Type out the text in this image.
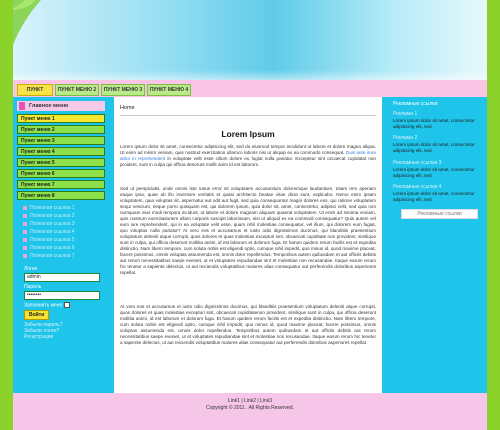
ПУНКТ	ПУНКТ МЕНЮ 2	ПУНКТ МЕНЮ 3	ПУНКТ МЕНЮ 4
Главное меню
Пункт меню 1
Пункт меню 2
Пункт меню 3
Пункт меню 4
Пункт меню 5
Пункт меню 6
Пункт меню 7
Пункт меню 8
Полезная ссылка 1
Полезная ссылка 2
Полезная ссылка 3
Полезная ссылка 4
Полезная ссылка 5
Полезная ссылка 6
Полезная ссылка 7
Логин
admin
Пароль
••••••••
Запомнить меня
Войти
Забыли пароль?
Забыли логин?
Регистрация
Home
Lorem Ipsum
Lorem ipsum dolor sit amet, consectetur adipisicing elit, sed do eiusmod tempor incididunt ut labore et dolore magna aliqua. Ut enim ad minim veniam, quis nostrud exercitation ullamco laboris nisi ut aliquip ex ea commodo consequat. Duis aute irure dolor in reprehenderit in voluptate velit esse cillum dolore eu fugiat nulla pariatur. Excepteur sint occaecat cupidatat non proident, sunt in culpa qui officia deserunt mollit anim id est laborum.
Sed ut perspiciatis, unde omnis iste natus error sit voluptatem accusantium doloremque laudantium, totam rem aperiam eaque ipsa, quae ab illo inventore veritatis et quasi architecto beatae vitae dicta sunt, explicabo. Nemo enim ipsam voluptatem, quia voluptas sit, aspernatur aut odit aut fugit, sed quia consequuntur magni dolores eos, qui ratione voluptatem sequi nesciunt, neque porro quisquam est, qui dolorem ipsum, quia dolor sit, amet, consectetur, adipisci velit, sed quia non numquam eius modi tempora incidunt, ut labore et dolore magnam aliquam quaerat voluptatem. Ut enim ad minima veniam, quis nostrum exercitationem ullam corporis suscipit laboriosam, nisi ut aliquid ex ea commodi consequatur? Quis autem vel eum iure reprehenderit, qui in ea voluptate velit esse, quam nihil molestiae consequatur, vel illum, qui dolorem eum fugiat, quo voluptas nulla pariatur? At vero eos et accusamus et iusto odio dignissimos ducimus, qui blanditiis praesentium voluptatum deleniti atque corrupti, quos dolores et quas molestias excepturi sint, obcaecati cupiditate non provident, similique sunt in culpa, qui officia deserunt mollitia animi, id est laborum et dolorum fuga. Et harum quidem rerum facilis est et expedita distinctio. Nam libero tempore, cum soluta nobis est eligendi optio, cumque nihil impedit, quo minus id, quod maxime placeat, facere possimus, omnis voluptas assumenda est, omnis dolor repellendus. Temporibus autem quibusdam et aut officiis debitis aut rerum necessitatibus saepe eveniet, ut et voluptates repudiandae sint et molestiae non recusandae. Itaque earum rerum hic tenetur a sapiente delectus, ut aut reiciendis voluptatibus maiores alias consequatur aut perferendis doloribus asperiores repellat.
At vero eos et accusamus et iusto odio dignissimos ducimus, qui blanditiis praesentium voluptatum deleniti atque corrupti, quos dolores et quas molestias excepturi sint, obcaecati cupiditatenon provident, similique sunt in culpa, qui officia deserunt mollitia animi, id est laborum et dolorum fuga. Et harum quidem rerum facilis est et expedita distinctio. Nam libero tempore, cum soluta nobis est eligendi optio, cumque nihil impedit, quo minus id, quod maxime placeat, facere possimus, omnis voluptas assumenda est, omnis dolor repellendus. Temporibus autem quibusdam et aut officiis debitis aut rerum necessitatibus saepe eveniet, ut et voluptates repudiandae sint et molestiae non recusandae. Itaque earum rerum hic tenetur a sapiente delectus, ut aut reiciendis voluptatibus maiores alias consequatur aut perferendis doloribus asperiores repellat.
Рекламные ссылки:
Реклама 1
Lorem ipsum dolor sit amet, consectetur adipisicing elit, sed
Реклама 2
Lorem ipsum dolor sit amet, consectetur adipisicing elit, sed
Рекламные ссылки 3
Lorem ipsum dolor sit amet, consectetur adipisicing elit, sed
Рекламные ссылки 4
Lorem ipsum dolor sit amet, consectetur adipisicing elit, sed
Рекламные ссылки
Link1 | Link2 | Link3
Copyright © 2011 . All Rights Reserved.
